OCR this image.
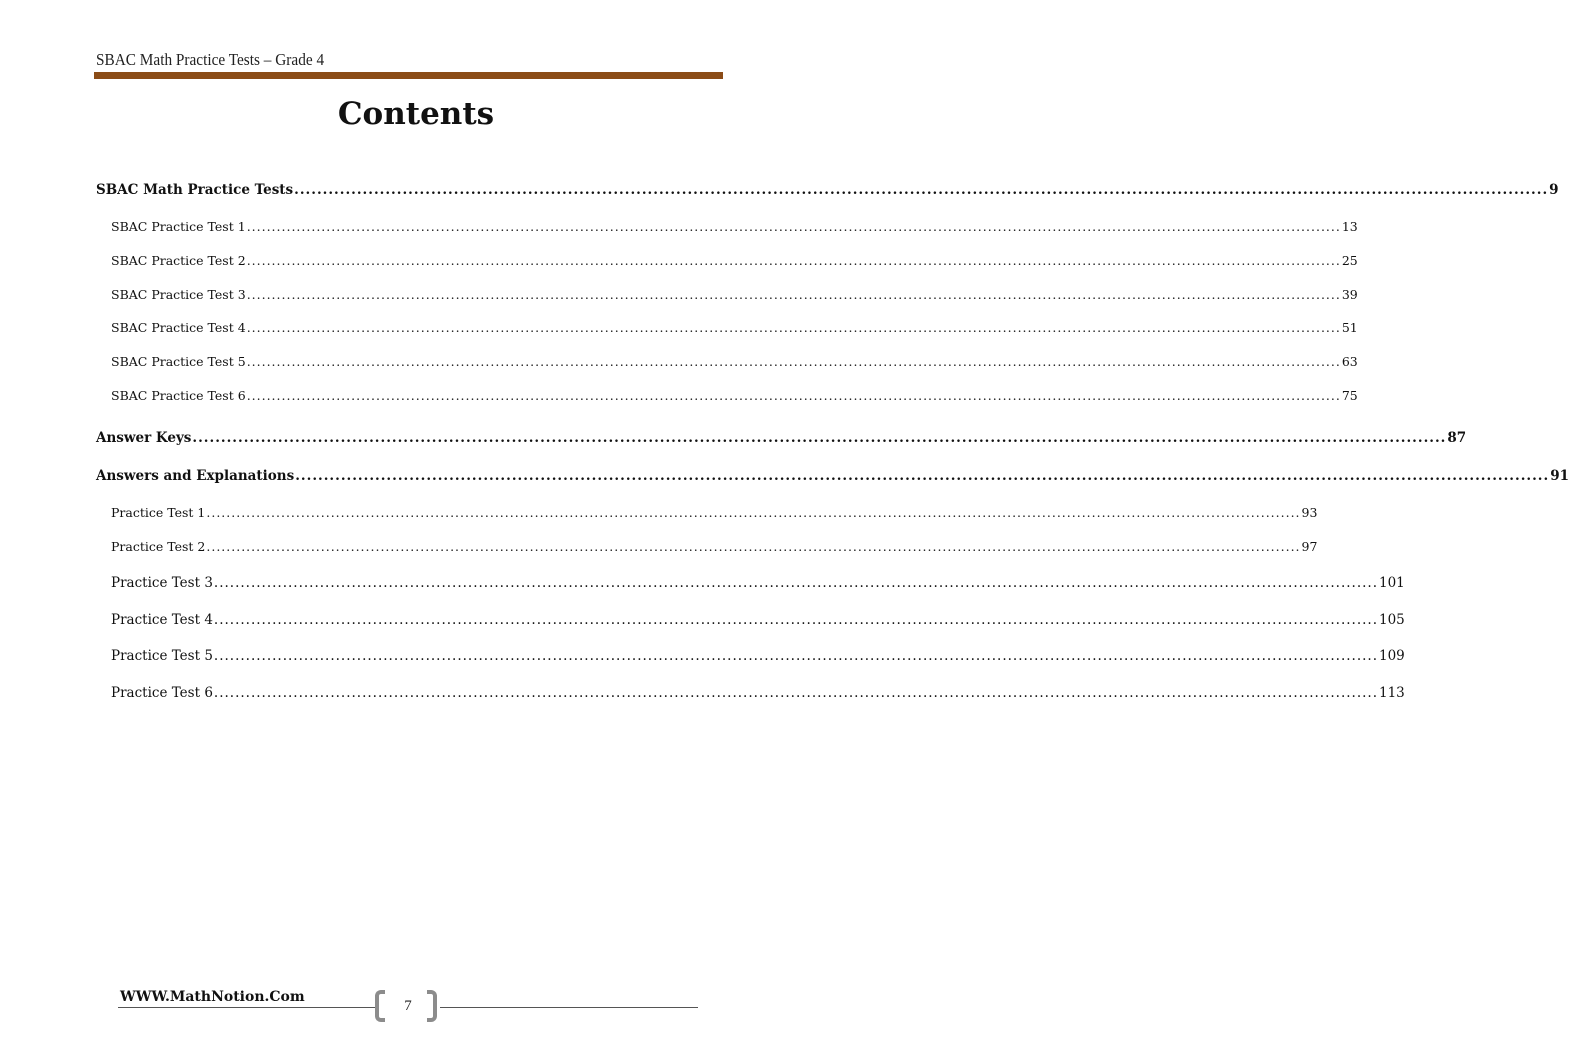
SBAC Math Practice Tests – Grade 4
Contents
SBAC Math Practice Tests ............................................................................................................................................................................................................................ 9
SBAC Practice Test 1 ............................................................................................................................................................................................................................ 13
SBAC Practice Test 2 ............................................................................................................................................................................................................................ 25
SBAC Practice Test 3 ............................................................................................................................................................................................................................ 39
SBAC Practice Test 4 ............................................................................................................................................................................................................................ 51
SBAC Practice Test 5 ............................................................................................................................................................................................................................ 63
SBAC Practice Test 6 ............................................................................................................................................................................................................................ 75
Answer Keys ............................................................................................................................................................................................................................ 87
Answers and Explanations ............................................................................................................................................................................................................................ 91
Practice Test 1 ............................................................................................................................................................................................................................ 93
Practice Test 2 ............................................................................................................................................................................................................................ 97
Practice Test 3 ............................................................................................................................................................................................................................ 101
Practice Test 4 ............................................................................................................................................................................................................................ 105
Practice Test 5 ............................................................................................................................................................................................................................ 109
Practice Test 6 ............................................................................................................................................................................................................................ 113
WWW.MathNotion.Com
7
